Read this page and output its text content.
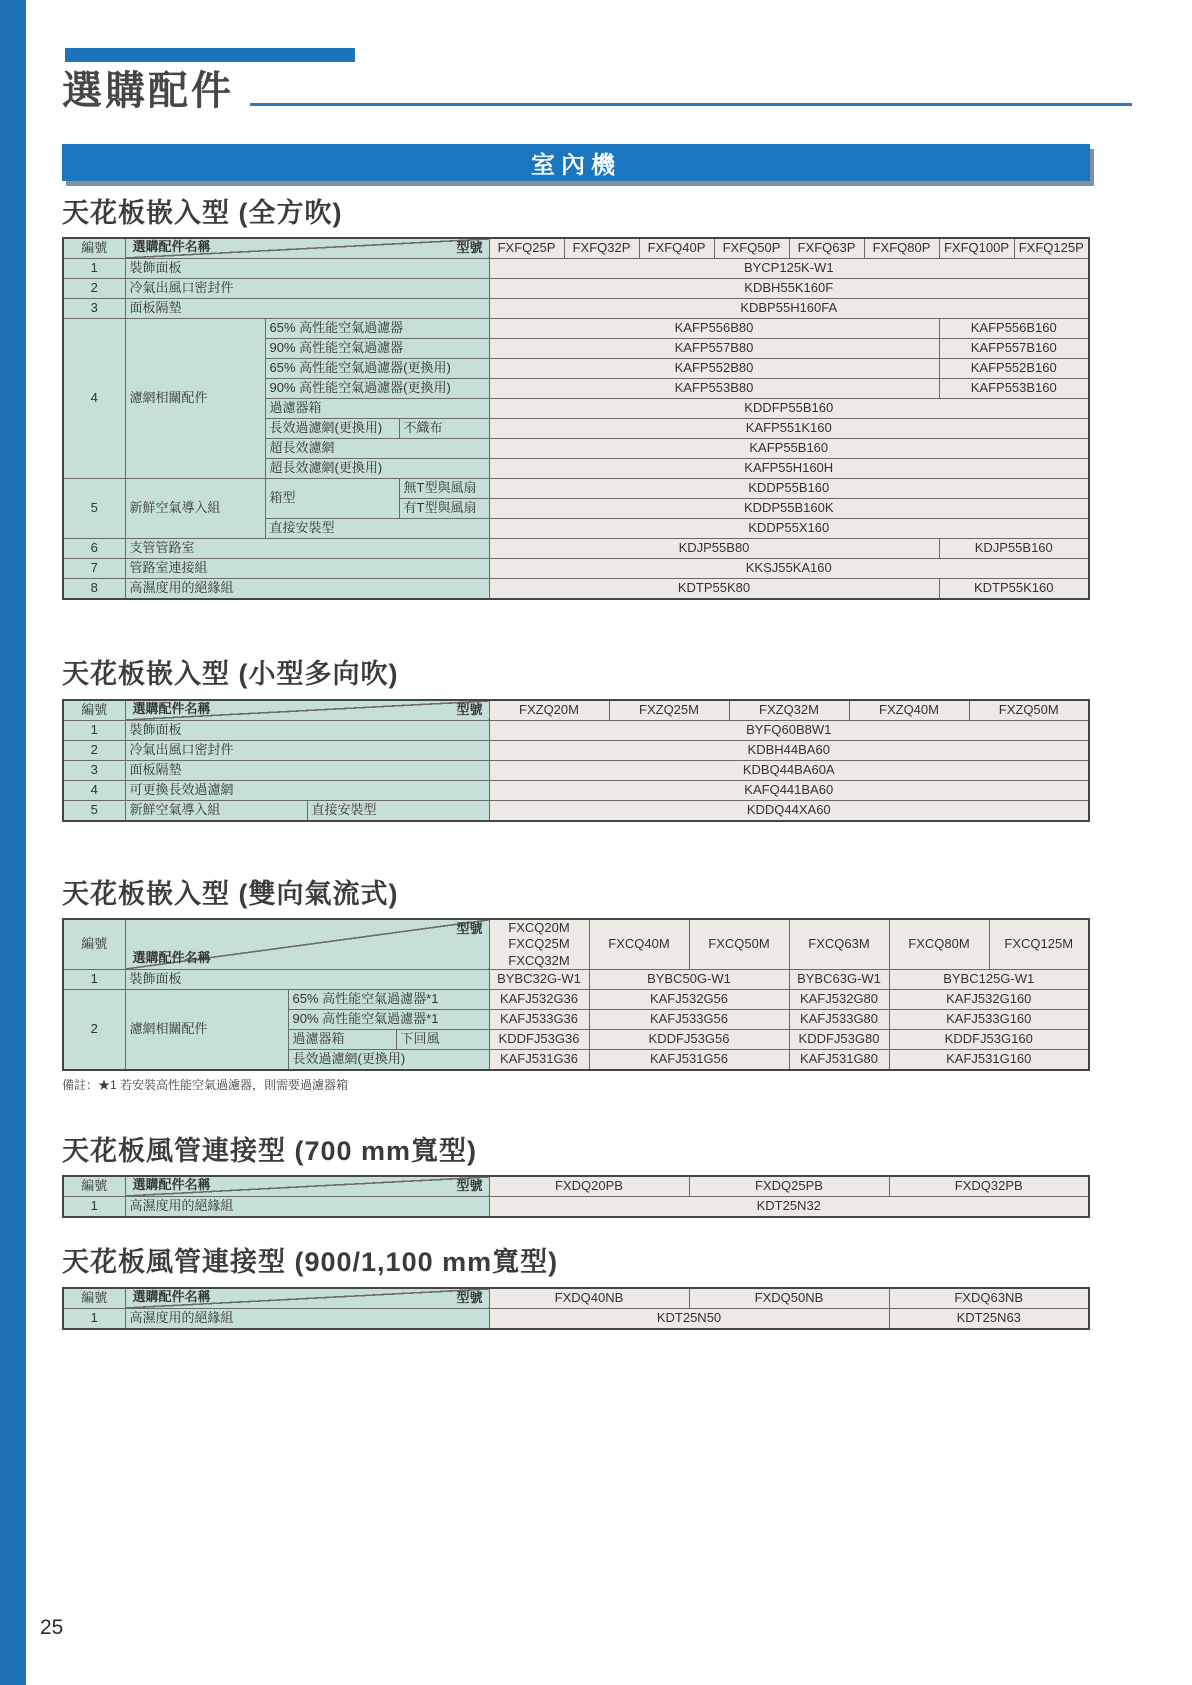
選購配件
室內機
天花板嵌入型 (全方吹)
編號	型號
選購配件名稱			FXFQ25P	FXFQ32P	FXFQ40P	FXFQ50P	FXFQ63P	FXFQ80P	FXFQ100P	FXFQ125P
1	裝飾面板			BYCP125K-W1							
2	冷氣出風口密封件			KDBH55K160F							
3	面板隔墊			KDBP55H160FA							
4	濾網相關配件	65% 高性能空氣過濾器		KAFP556B80						KAFP556B160	
		90% 高性能空氣過濾器		KAFP557B80						KAFP557B160	
		65% 高性能空氣過濾器(更換用)		KAFP552B80						KAFP552B160	
		90% 高性能空氣過濾器(更換用)		KAFP553B80						KAFP553B160	
		過濾器箱		KDDFP55B160							
		長效過濾網(更換用)	不織布	KAFP551K160							
		超長效濾網		KAFP55B160							
		超長效濾網(更換用)		KAFP55H160H							
5	新鮮空氣導入組	箱型	無T型與風扇	KDDP55B160							
			有T型與風扇	KDDP55B160K							
		直接安裝型		KDDP55X160							
6	支管管路室			KDJP55B80						KDJP55B160	
7	管路室連接組			KKSJ55KA160							
8	高濕度用的絕緣組			KDTP55K80						KDTP55K160	
天花板嵌入型 (小型多向吹)
編號	型號
選購配件名稱		FXZQ20M	FXZQ25M	FXZQ32M	FXZQ40M	FXZQ50M
1	裝飾面板		BYFQ60B8W1				
2	冷氣出風口密封件		KDBH44BA60				
3	面板隔墊		KDBQ44BA60A				
4	可更換長效過濾網		KAFQ441BA60				
5	新鮮空氣導入組	直接安裝型	KDDQ44XA60				
天花板嵌入型 (雙向氣流式)
編號	型號
選購配件名稱			FXCQ20M
FXCQ25M
FXCQ32M	FXCQ40M	FXCQ50M	FXCQ63M	FXCQ80M	FXCQ125M
1	裝飾面板			BYBC32G-W1	BYBC50G-W1		BYBC63G-W1	BYBC125G-W1	
2	濾網相關配件	65% 高性能空氣過濾器*1		KAFJ532G36	KAFJ532G56		KAFJ532G80	KAFJ532G160	
		90% 高性能空氣過濾器*1		KAFJ533G36	KAFJ533G56		KAFJ533G80	KAFJ533G160	
		過濾器箱	下回風	KDDFJ53G36	KDDFJ53G56		KDDFJ53G80	KDDFJ53G160	
		長效過濾網(更換用)		KAFJ531G36	KAFJ531G56		KAFJ531G80	KAFJ531G160	
備註：★1 若安裝高性能空氣過濾器，則需要過濾器箱
天花板風管連接型 (700 mm寬型)
編號	型號
選購配件名稱	FXDQ20PB	FXDQ25PB	FXDQ32PB
1	高濕度用的絕緣組	KDT25N32		
天花板風管連接型 (900/1,100 mm寬型)
編號	型號
選購配件名稱	FXDQ40NB	FXDQ50NB	FXDQ63NB
1	高濕度用的絕緣組	KDT25N50		KDT25N63
25
